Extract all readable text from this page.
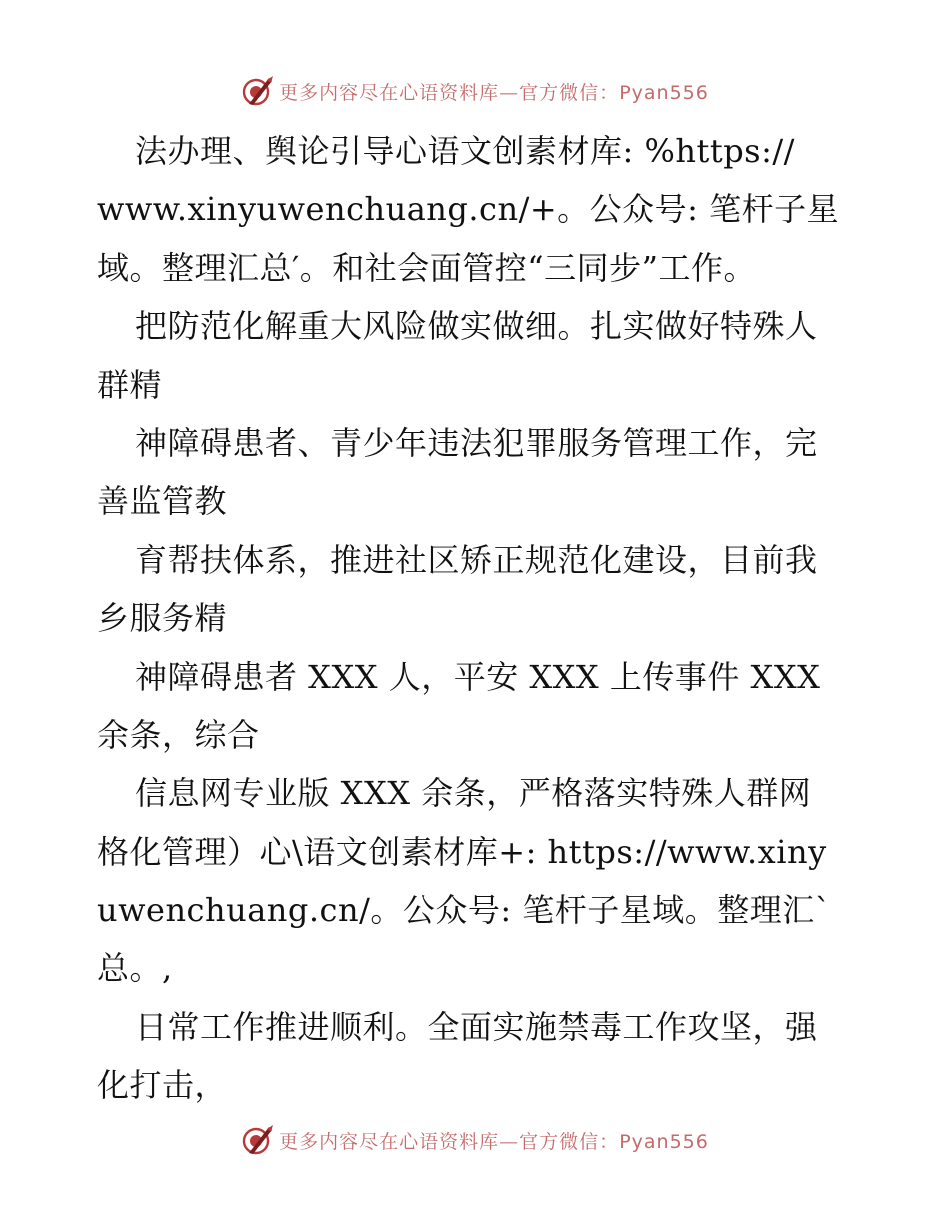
更多内容尽在心语资料库—官方微信：Pyan556
法办理、舆论引导心语文创素材库: %https://
www.xinyuwenchuang.cn/+。公众号: 笔杆子星
域。整理汇总′。和社会面管控“三同步”工作。
把防范化解重大风险做实做细。扎实做好特殊人
群精
神障碍患者、青少年违法犯罪服务管理工作，完
善监管教
育帮扶体系，推进社区矫正规范化建设，目前我
乡服务精
神障碍患者 XXX 人，平安 XXX 上传事件 XXX
余条，综合
信息网专业版 XXX 余条，严格落实特殊人群网
格化管理）心\语文创素材库+: https://www.xiny
uwenchuang.cn/。公众号: 笔杆子星域。整理汇`
总。,
日常工作推进顺利。全面实施禁毒工作攻坚，强
化打击，
更多内容尽在心语资料库—官方微信：Pyan556
